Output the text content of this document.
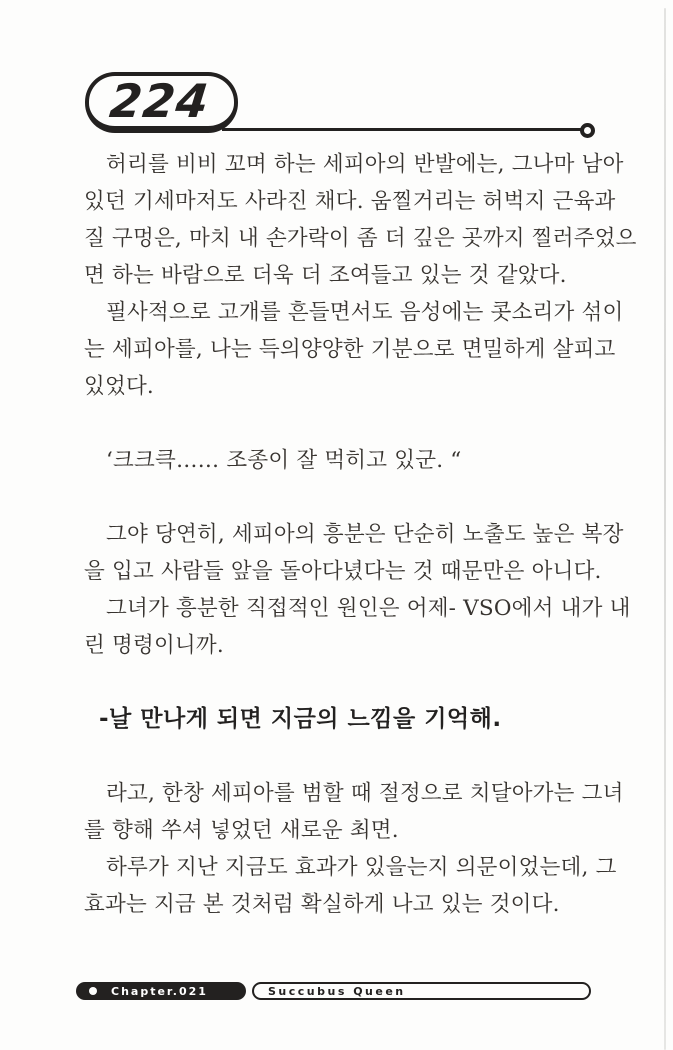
224
허리를 비비 꼬며 하는 세피아의 반발에는, 그나마 남아
있던 기세마저도 사라진 채다. 움찔거리는 허벅지 근육과
질 구멍은, 마치 내 손가락이 좀 더 깊은 곳까지 찔러주었으
면 하는 바람으로 더욱 더 조여들고 있는 것 같았다.
필사적으로 고개를 흔들면서도 음성에는 콧소리가 섞이
는 세피아를, 나는 득의양양한 기분으로 면밀하게 살피고
있었다.
‘크크큭…… 조종이 잘 먹히고 있군. “
그야 당연히, 세피아의 흥분은 단순히 노출도 높은 복장
을 입고 사람들 앞을 돌아다녔다는 것 때문만은 아니다.
그녀가 흥분한 직접적인 원인은 어제- VSO에서 내가 내
린 명령이니까.
-날 만나게 되면 지금의 느낌을 기억해.
라고, 한창 세피아를 범할 때 절정으로 치달아가는 그녀
를 향해 쑤셔 넣었던 새로운 최면.
하루가 지난 지금도 효과가 있을는지 의문이었는데, 그
효과는 지금 본 것처럼 확실하게 나고 있는 것이다.
Chapter.021	Succubus Queen
